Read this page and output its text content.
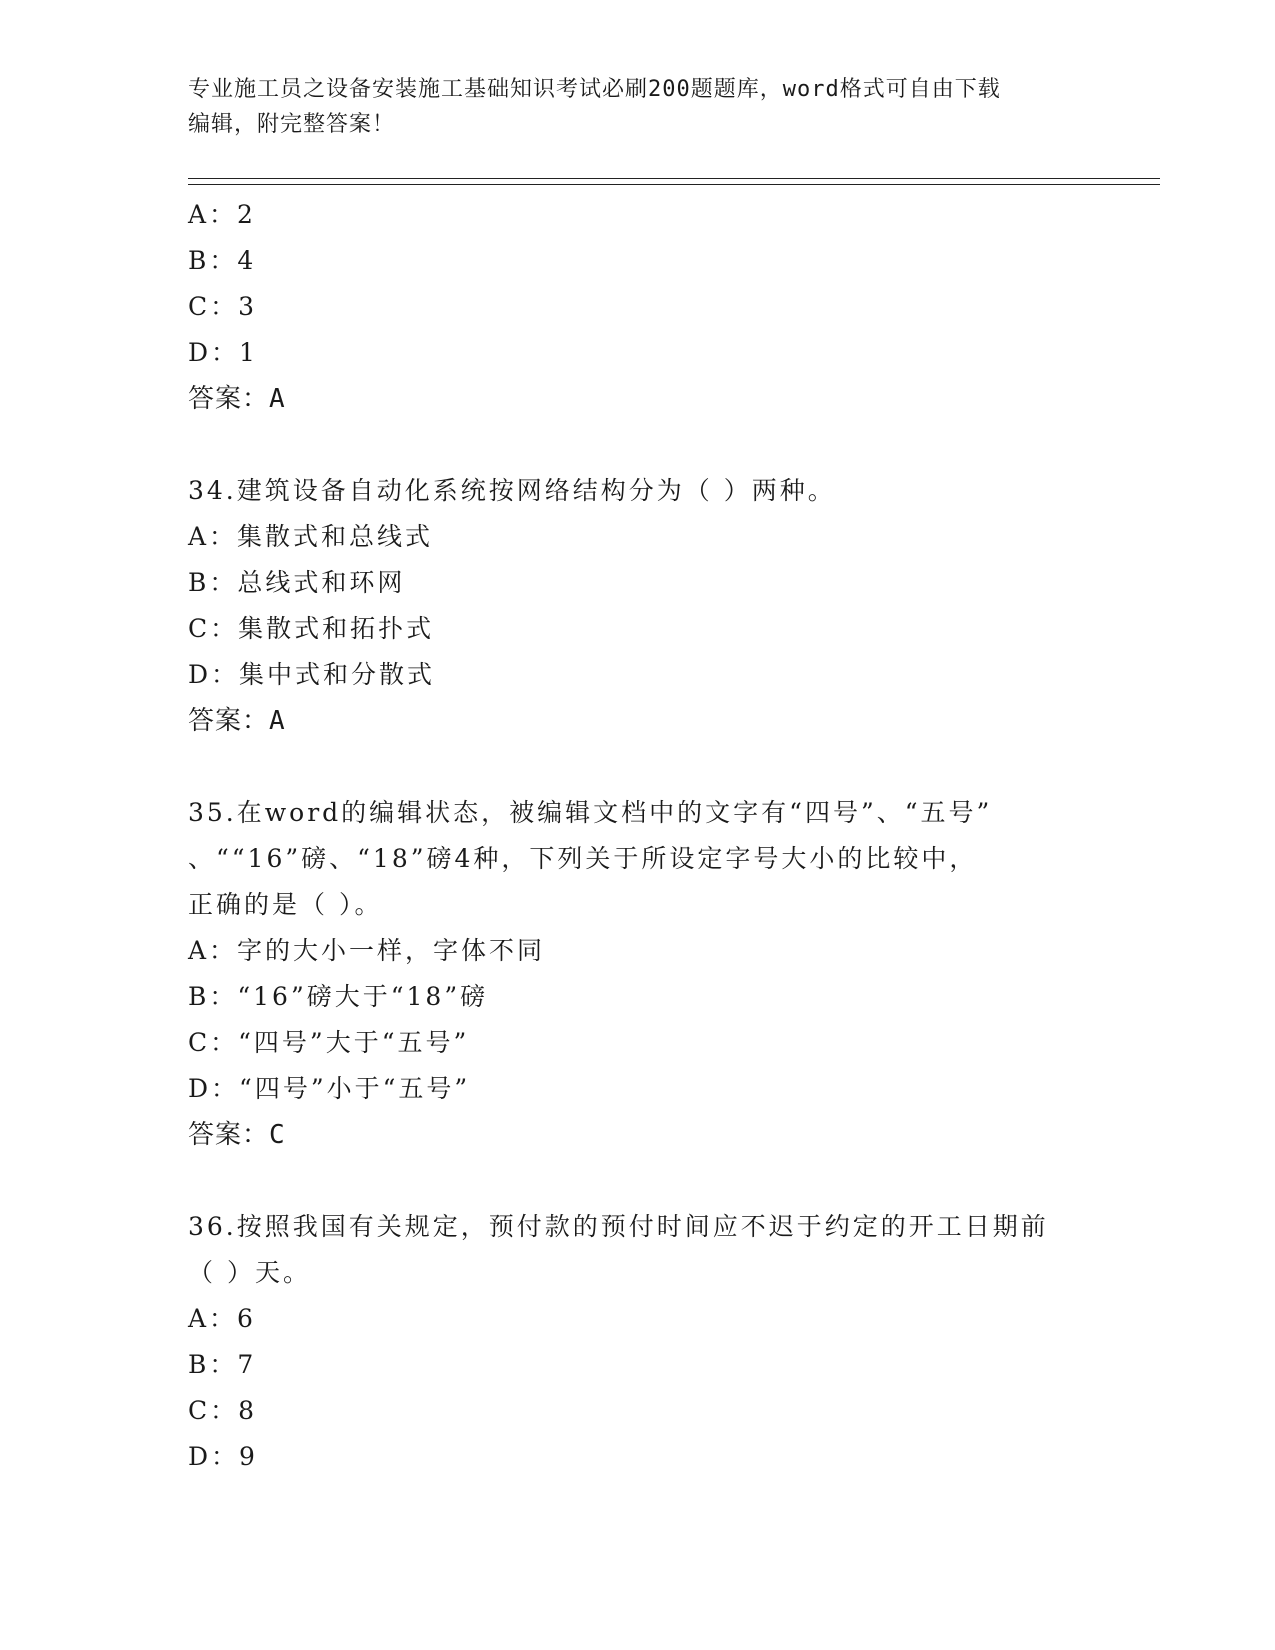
专业施工员之设备安装施工基础知识考试必刷200题题库，word格式可自由下载
编辑，附完整答案！
A：2
B：4
C：3
D：1
答案：A
34.建筑设备自动化系统按网络结构分为（ ）两种。
A：集散式和总线式
B：总线式和环网
C：集散式和拓扑式
D：集中式和分散式
答案：A
35.在word的编辑状态，被编辑文档中的文字有“四号”、“五号”
、““16”磅、“18”磅4种，下列关于所设定字号大小的比较中，
正确的是（ ）。
A：字的大小一样，字体不同
B：“16”磅大于“18”磅
C：“四号”大于“五号”
D：“四号”小于“五号”
答案：C
36.按照我国有关规定，预付款的预付时间应不迟于约定的开工日期前
（ ）天。
A：6
B：7
C：8
D：9
